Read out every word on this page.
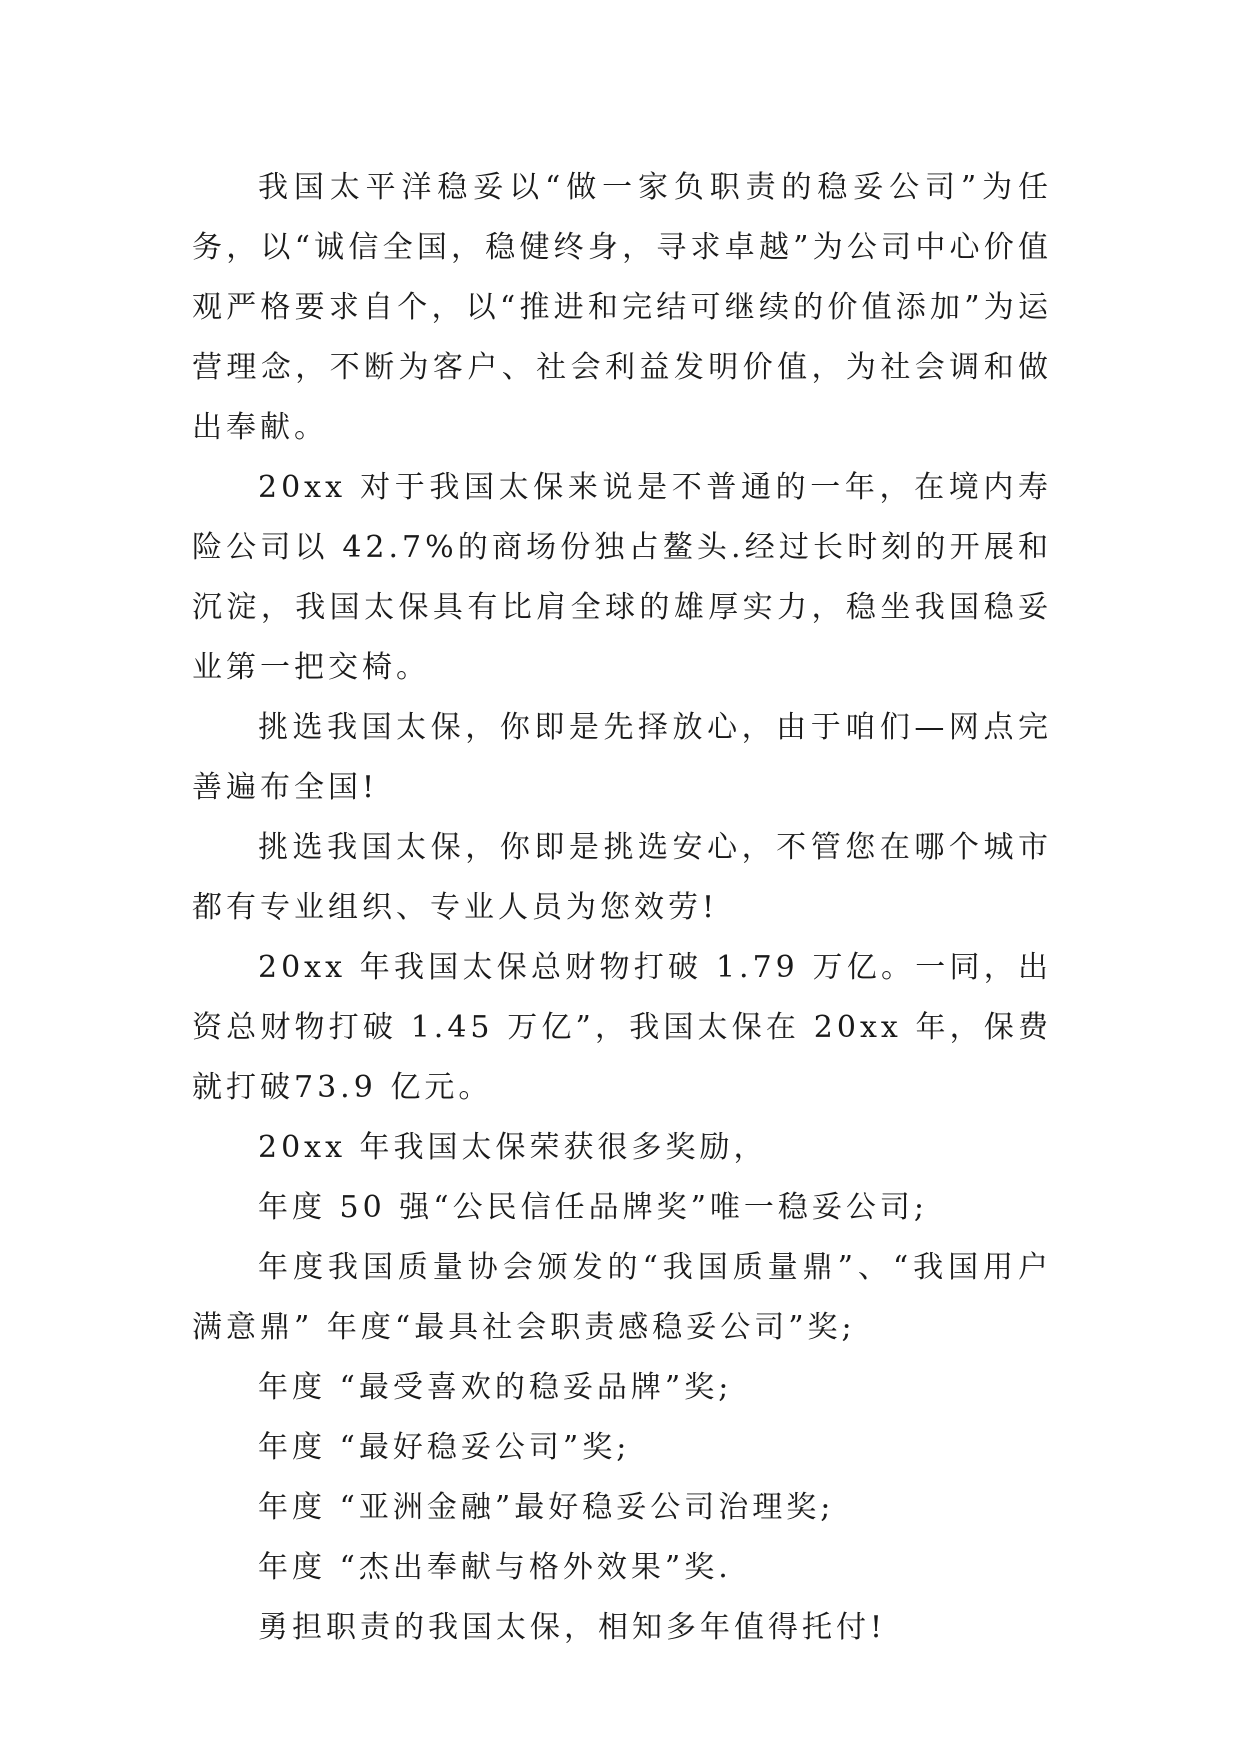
我国太平洋稳妥以“做一家负职责的稳妥公司”为任务，以“诚信全国，稳健终身，寻求卓越”为公司中心价值观严格要求自个，以“推进和完结可继续的价值添加”为运营理念，不断为客户、社会利益发明价值，为社会调和做出奉献。

20xx 对于我国太保来说是不普通的一年，在境内寿险公司以 42.7%的商场份独占鳌头.经过长时刻的开展和沉淀，我国太保具有比肩全球的雄厚实力，稳坐我国稳妥业第一把交椅。

挑选我国太保，你即是先择放心，由于咱们—网点完善遍布全国!

挑选我国太保，你即是挑选安心，不管您在哪个城市都有专业组织、专业人员为您效劳!

20xx 年我国太保总财物打破 1.79 万亿。一同，出资总财物打破 1.45 万亿”，我国太保在 20xx 年，保费就打破73.9 亿元。

20xx 年我国太保荣获很多奖励，

年度 50 强“公民信任品牌奖”唯一稳妥公司;

年度我国质量协会颁发的“我国质量鼎”、“我国用户满意鼎” 年度“最具社会职责感稳妥公司”奖;

年度 “最受喜欢的稳妥品牌”奖;

年度 “最好稳妥公司”奖;

年度 “亚洲金融”最好稳妥公司治理奖;

年度 “杰出奉献与格外效果”奖.

勇担职责的我国太保，相知多年值得托付!
